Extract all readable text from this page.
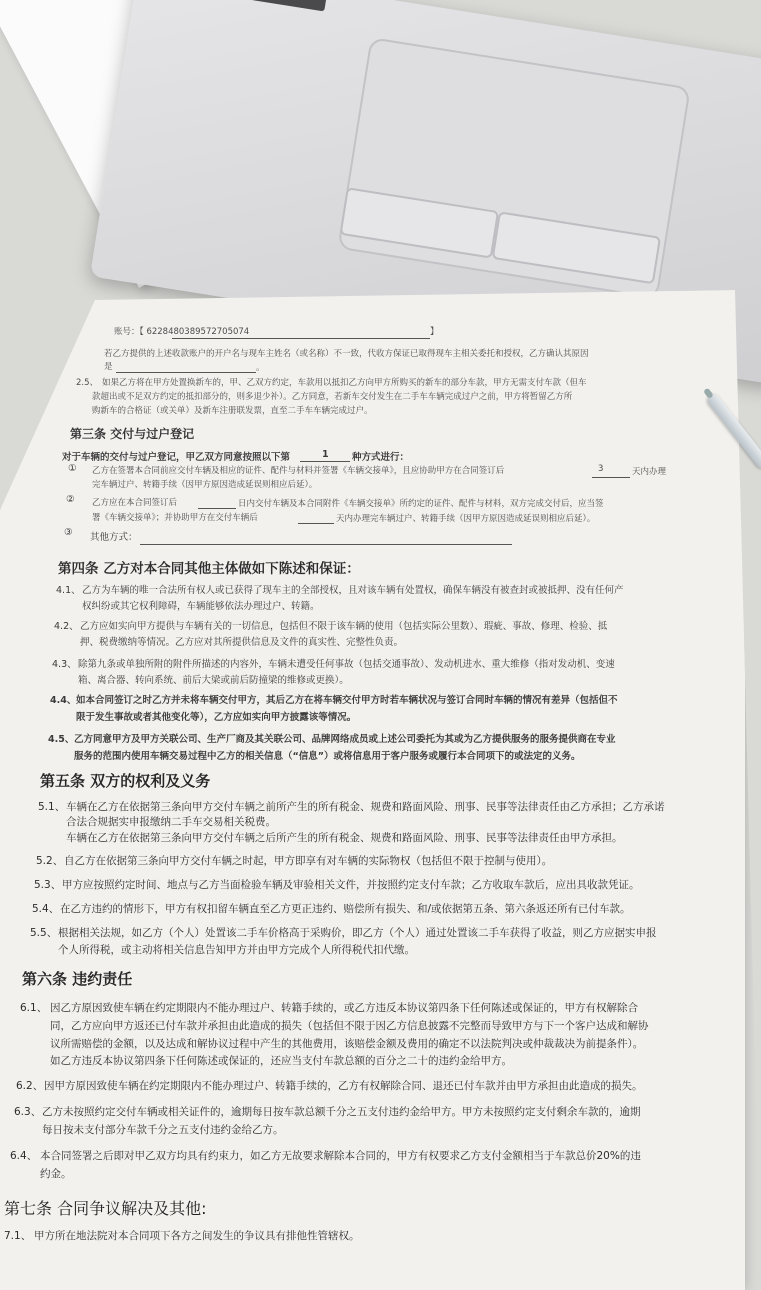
账号：【 6228480389572705074	】
若乙方提供的上述收款账户的开户名与现车主姓名（或名称）不一致，代收方保证已取得现车主相关委托和授权，乙方确认其原因
是	。
2.5、 如果乙方将在甲方处置换新车的，甲、乙双方约定，车款用以抵扣乙方向甲方所购买的新车的部分车款，甲方无需支付车款（但车
款超出或不足双方约定的抵扣部分的，则多退少补）。乙方同意，若新车交付发生在二手车车辆完成过户之前，甲方将暂留乙方所
购新车的合格证（或关单）及新车注册联发票，直至二手车车辆完成过户。
第三条 交付与过户登记
对于车辆的交付与过户登记，甲乙双方同意按照以下第	1 种方式进行：
① 乙方在签署本合同前应交付车辆及相应的证件、配件与材料并签署《车辆交接单》，且应协助甲方在合同签订后	3	天内办理
完车辆过户、转籍手续（因甲方原因造成延误则相应后延）。
② 乙方应在本合同签订后	日内交付车辆及本合同附件《车辆交接单》所约定的证件、配件与材料，双方完成交付后，应当签
署《车辆交接单》；并协助甲方在交付车辆后	天内办理完车辆过户、转籍手续（因甲方原因造成延误则相应后延）。
③ 其他方式：
第四条 乙方对本合同其他主体做如下陈述和保证：
4.1、 乙方为车辆的唯一合法所有权人或已获得了现车主的全部授权，且对该车辆有处置权，确保车辆没有被查封或被抵押、没有任何产
权纠纷或其它权利障碍，车辆能够依法办理过户、转籍。
4.2、 乙方应如实向甲方提供与车辆有关的一切信息，包括但不限于该车辆的使用（包括实际公里数）、瑕疵、事故、修理、检验、抵
押、税费缴纳等情况。乙方应对其所提供信息及文件的真实性、完整性负责。
4.3、 除第九条或单独所附的附件所描述的内容外，车辆未遭受任何事故（包括交通事故）、发动机进水、重大维修（指对发动机、变速
箱、离合器、转向系统、前后大梁或前后防撞梁的维修或更换）。
4.4、 如本合同签订之时乙方并未将车辆交付甲方，其后乙方在将车辆交付甲方时若车辆状况与签订合同时车辆的情况有差异（包括但不
限于发生事故或者其他变化等），乙方应如实向甲方披露该等情况。
4.5、 乙方同意甲方及甲方关联公司、生产厂商及其关联公司、品牌网络成员或上述公司委托为其或为乙方提供服务的服务提供商在专业
服务的范围内使用车辆交易过程中乙方的相关信息（“信息”）或将信息用于客户服务或履行本合同项下的或法定的义务。
第五条 双方的权利及义务
5.1、 车辆在乙方在依据第三条向甲方交付车辆之前所产生的所有税金、规费和路面风险、刑事、民事等法律责任由乙方承担；乙方承诺
合法合规据实申报缴纳二手车交易相关税费。
车辆在乙方在依据第三条向甲方交付车辆之后所产生的所有税金、规费和路面风险、刑事、民事等法律责任由甲方承担。
5.2、 自乙方在依据第三条向甲方交付车辆之时起，甲方即享有对车辆的实际物权（包括但不限于控制与使用）。
5.3、 甲方应按照约定时间、地点与乙方当面检验车辆及审验相关文件，并按照约定支付车款；乙方收取车款后，应出具收款凭证。
5.4、 在乙方违约的情形下，甲方有权扣留车辆直至乙方更正违约、赔偿所有损失、和/或依据第五条、第六条返还所有已付车款。
5.5、 根据相关法规，如乙方（个人）处置该二手车价格高于采购价，即乙方（个人）通过处置该二手车获得了收益，则乙方应据实申报
个人所得税，或主动将相关信息告知甲方并由甲方完成个人所得税代扣代缴。
第六条 违约责任
6.1、 因乙方原因致使车辆在约定期限内不能办理过户、转籍手续的，或乙方违反本协议第四条下任何陈述或保证的，甲方有权解除合
同，乙方应向甲方返还已付车款并承担由此造成的损失（包括但不限于因乙方信息披露不完整而导致甲方与下一个客户达成和解协
议所需赔偿的金额，以及达成和解协议过程中产生的其他费用，该赔偿金额及费用的确定不以法院判决或仲裁裁决为前提条件）。
如乙方违反本协议第四条下任何陈述或保证的，还应当支付车款总额的百分之二十的违约金给甲方。
6.2、 因甲方原因致使车辆在约定期限内不能办理过户、转籍手续的，乙方有权解除合同、退还已付车款并由甲方承担由此造成的损失。
6.3、 乙方未按照约定交付车辆或相关证件的，逾期每日按车款总额千分之五支付违约金给甲方。甲方未按照约定支付剩余车款的，逾期
每日按未支付部分车款千分之五支付违约金给乙方。
6.4、 本合同签署之后即对甲乙双方均具有约束力，如乙方无故要求解除本合同的，甲方有权要求乙方支付金额相当于车款总价20%的违
约金。
第七条 合同争议解决及其他:
7.1、 甲方所在地法院对本合同项下各方之间发生的争议具有排他性管辖权。
